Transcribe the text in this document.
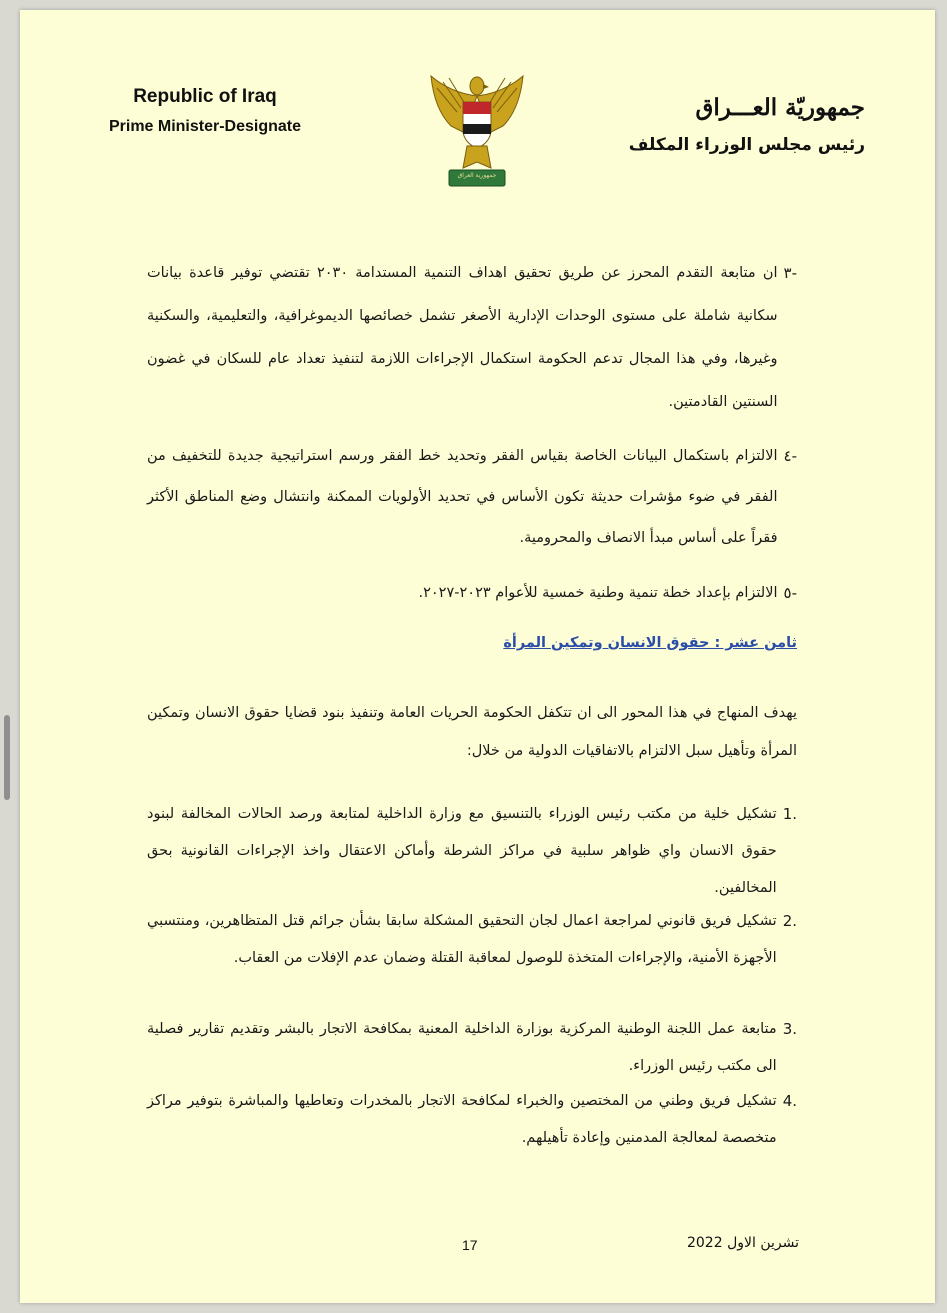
Republic of Iraq
Prime Minister-Designate
جمهورية العراق
جمهوريّة العـــراق
رئيس مجلس الوزراء المكلف
٣-
ان متابعة التقدم المحرز عن طريق تحقيق اهداف التنمية المستدامة ٢٠٣٠ تقتضي توفير قاعدة بيانات سكانية شاملة على مستوى الوحدات الإدارية الأصغر تشمل خصائصها الديموغرافية، والتعليمية، والسكنية وغيرها، وفي هذا المجال تدعم الحكومة استكمال الإجراءات اللازمة لتنفيذ تعداد عام للسكان في غضون السنتين القادمتين.
٤-
الالتزام باستكمال البيانات الخاصة بقياس الفقر وتحديد خط الفقر ورسم استراتيجية جديدة للتخفيف من الفقر في ضوء مؤشرات حديثة تكون الأساس في تحديد الأولويات الممكنة وانتشال وضع المناطق الأكثر فقراً على أساس مبدأ الانصاف والمحرومية.
٥-
الالتزام بإعداد خطة تنمية وطنية خمسية للأعوام ٢٠٢٣-٢٠٢٧.
ثامن عشر : حقوق الانسان وتمكين المرأة

يهدف المنهاج في هذا المحور الى ان تتكفل الحكومة الحريات العامة وتنفيذ بنود قضايا حقوق الانسان وتمكين المرأة وتأهيل سبل الالتزام بالاتفاقيات الدولية من خلال:

1.
تشكيل خلية من مكتب رئيس الوزراء بالتنسيق مع وزارة الداخلية لمتابعة ورصد الحالات المخالفة لبنود حقوق الانسان واي ظواهر سلبية في مراكز الشرطة وأماكن الاعتقال واخذ الإجراءات القانونية بحق المخالفين.
2.
تشكيل فريق قانوني لمراجعة اعمال لجان التحقيق المشكلة سابقا بشأن جرائم قتل المتظاهرين، ومنتسبي الأجهزة الأمنية، والإجراءات المتخذة للوصول لمعاقبة القتلة وضمان عدم الإفلات من العقاب.
3.
متابعة عمل اللجنة الوطنية المركزية بوزارة الداخلية المعنية بمكافحة الاتجار بالبشر وتقديم تقارير فصلية الى مكتب رئيس الوزراء.
4.
تشكيل فريق وطني من المختصين والخبراء لمكافحة الاتجار بالمخدرات وتعاطيها والمباشرة بتوفير مراكز متخصصة لمعالجة المدمنين وإعادة تأهيلهم.
17	تشرين الاول 2022
